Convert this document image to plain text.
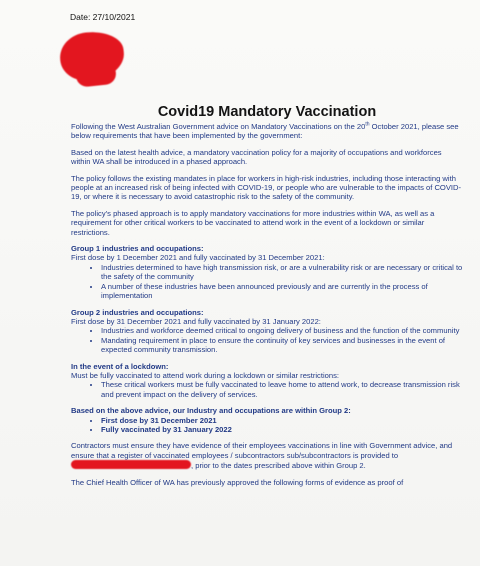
Date: 27/10/2021
Covid19 Mandatory Vaccination

Following the West Australian Government advice on Mandatory Vaccinations on the 20th October 2021, please see below requirements that have been implemented by the government:

Based on the latest health advice, a mandatory vaccination policy for a majority of occupations and workforces within WA shall be introduced in a phased approach.

The policy follows the existing mandates in place for workers in high-risk industries, including those interacting with people at an increased risk of being infected with COVID-19, or people who are vulnerable to the impacts of COVID-19, or where it is necessary to avoid catastrophic risk to the safety of the community.

The policy’s phased approach is to apply mandatory vaccinations for more industries within WA, as well as a requirement for other critical workers to be vaccinated to attend work in the event of a lockdown or similar restrictions.

Group 1 industries and occupations:
First dose by 1 December 2021 and fully vaccinated by 31 December 2021:
• Industries determined to have high transmission risk, or are a vulnerability risk or are necessary or critical to the safety of the community
• A number of these industries have been announced previously and are currently in the process of implementation
Group 2 industries and occupations:
First dose by 31 December 2021 and fully vaccinated by 31 January 2022:
• Industries and workforce deemed critical to ongoing delivery of business and the function of the community
• Mandating requirement in place to ensure the continuity of key services and businesses in the event of expected community transmission.
In the event of a lockdown:
Must be fully vaccinated to attend work during a lockdown or similar restrictions:
• These critical workers must be fully vaccinated to leave home to attend work, to decrease transmission risk and prevent impact on the delivery of services.
Based on the above advice, our Industry and occupations are within Group 2:
• First dose by 31 December 2021
• Fully vaccinated by 31 January 2022

Contractors must ensure they have evidence of their employees vaccinations in line with Government advice, and ensure that a register of vaccinated employees / subcontractors sub/subcontractors is provided to , prior to the dates prescribed above within Group 2.

The Chief Health Officer of WA has previously approved the following forms of evidence as proof of
